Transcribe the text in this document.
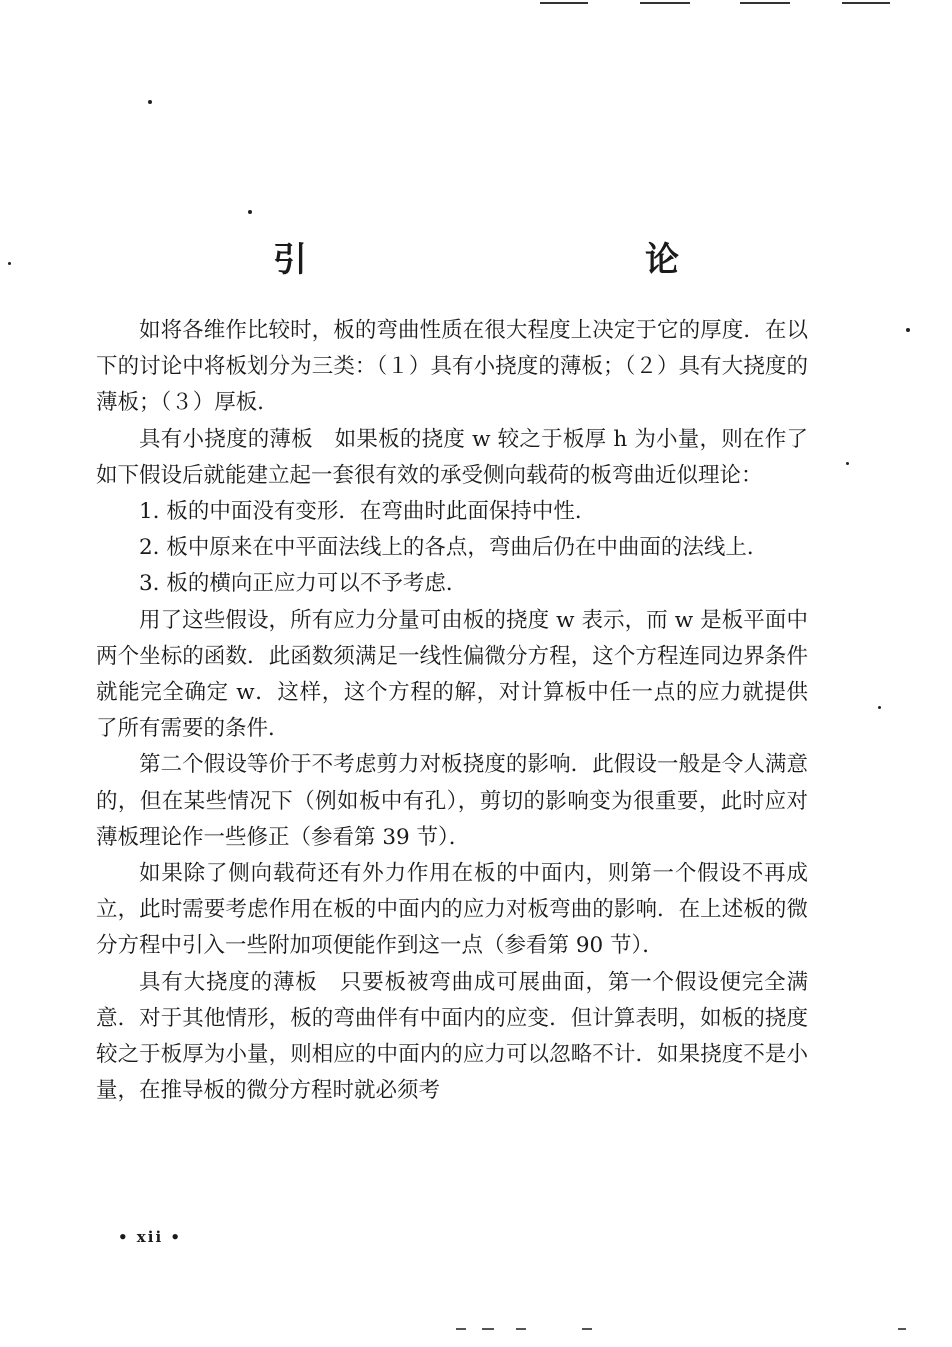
引　　论

如将各维作比较时，板的弯曲性质在很大程度上决定于它的厚度．在以下的讨论中将板划分为三类：（１）具有小挠度的薄板；（２）具有大挠度的薄板；（３）厚板．

具有小挠度的薄板　如果板的挠度 w 较之于板厚 h 为小量，则在作了如下假设后就能建立起一套很有效的承受侧向载荷的板弯曲近似理论：

1. 板的中面没有变形．在弯曲时此面保持中性．

2. 板中原来在中平面法线上的各点，弯曲后仍在中曲面的法线上．

3. 板的横向正应力可以不予考虑．

用了这些假设，所有应力分量可由板的挠度 w 表示，而 w 是板平面中两个坐标的函数．此函数须满足一线性偏微分方程，这个方程连同边界条件就能完全确定 w．这样，这个方程的解，对计算板中任一点的应力就提供了所有需要的条件．

第二个假设等价于不考虑剪力对板挠度的影响．此假设一般是令人满意的，但在某些情况下（例如板中有孔），剪切的影响变为很重要，此时应对薄板理论作一些修正（参看第 39 节）．

如果除了侧向载荷还有外力作用在板的中面内，则第一个假设不再成立，此时需要考虑作用在板的中面内的应力对板弯曲的影响．在上述板的微分方程中引入一些附加项便能作到这一点（参看第 90 节）．

具有大挠度的薄板　只要板被弯曲成可展曲面，第一个假设便完全满意．对于其他情形，板的弯曲伴有中面内的应变．但计算表明，如板的挠度较之于板厚为小量，则相应的中面内的应力可以忽略不计．如果挠度不是小量，在推导板的微分方程时就必须考

• xii •
